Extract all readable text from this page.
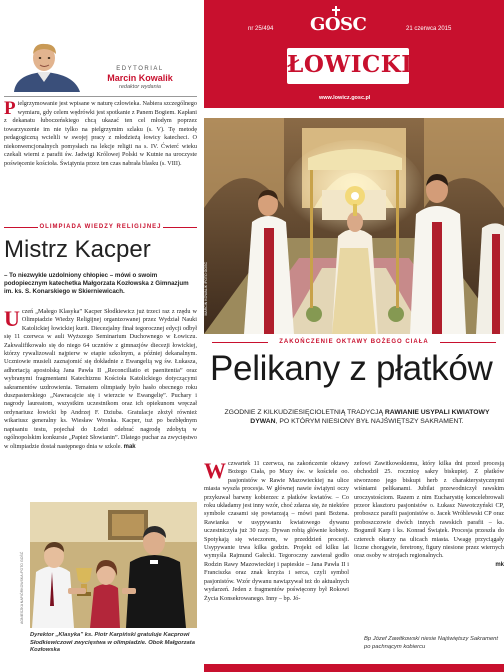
EDYTORIAL
Marcin Kowalik
redaktor wydania
Pielgrzymowanie jest wpisane w naturę człowieka. Nabiera szczególnego wymiaru, gdy celem wędrówki jest spotkanie z Panem Bogiem. Kapłani z dekanatu łuboczeńskiego chcą ukazać ten cel młodym poprzez towarzyszenie im nie tylko na pielgrzymim szlaku (s. V). Tę metodę pedagogiczną wcielili w swojej pracy z młodzieżą łowicy katecheci. O niekonwencjonalnych pomysłach na lekcje religii na s. IV. Ćwierć wieku czekali wierni z parafii św. Jadwigi Królowej Polski w Kutnie na uroczyste poświęcenie kościoła. Świątynia przez ten czas nabrała blasku (s. VIII).
OLIMPIADA WIEDZY RELIGIJNEJ
Mistrz Kacper
– To niezwykle uzdolniony chłopiec – mówi o swoim podopiecznym katechetka Małgorzata Kozłowska z Gimnazjum im. ks. S. Konarskiego w Skierniewicach.
Uczeń „Małego Klasyka” Kacper Słodkiewicz już trzeci raz z rzędu w Olimpiadzie Wiedzy Religijnej organizowanej przez Wydział Nauki Katolickiej łowickiej kurii. Diecezjalny finał tegorocznej edycji odbył się 11 czerwca w auli Wyższego Seminarium Duchownego w Łowiczu. Zakwalifikowało się do niego 64 uczniów z gimnazjów diecezji łowickiej, którzy rywalizowali najpierw w etapie szkolnym, a później dekanalnym. Uczniowie musieli zaznajomić się dokładnie z Ewangelią wg św. Łukasza, adhortacją apostolską Jana Pawła II „Reconciliatio et paenitentia” oraz wybranymi fragmentami Katechizmu Kościoła Katolickiego dotyczącymi sakramentów uzdrowienia. Tematem olimpiady było hasło obecnego roku duszpasterskiego „Nawracajcie się i wierzcie w Ewangelię”. Puchary i nagrody laureatom, wszystkim uczestnikom oraz ich opiekunom wręczał ordynariusz łowicki bp Andrzej F. Dziuba. Gratulacje złożył również wikariusz generalny ks. Wiesław Wronka. Kacper, tuż po bezbłędnym napisaniu testu, pojechał do Łodzi odebrać nagrodę zdobytą w ogólnopolskim konkursie „Papież Słowianin”. Dlatego puchar za zwycięstwo w olimpiadzie dostał następnego dnia w szkole. mak
AGNIESZKA NAPIÓRKOWSKA /FOTO GOŚĆ
Dyrektor „Klasyka” ks. Piotr Karpiński gratuluje Kacprowi Słodkiewiczowi zwycięstwa w olimpiadzie. Obok Małgorzata Kozłowska
nr 25/494 GOSC	21 czerwca 2015
ŁOWICKI
www.lowicz.gosc.pl
MARCIN KOWALIK /FOTO GOŚĆ
ZAKOŃCZENIE OKTAWY BOŻEGO CIAŁA
Pelikany z płatków
ZGODNIE Z KILKUDZIESIĘCIOLETNIĄ TRADYCJĄ RAWIANIE USYPALI KWIATOWY DYWAN, PO KTÓRYM NIESIONY BYŁ NAJŚWIĘTSZY SAKRAMENT.
Wczwartek 11 czerwca, na zakończenie oktawy Bożego Ciała, po Mszy św. w kościele oo. pasjonistów w Rawie Mazowieckiej na ulice miasta wyszła procesja. W głównej nawie świątyni oczy przykuwał barwny kobierzec z płatków kwiatów. – Co roku układamy jest inny wzór, choć zdarza się, że niektóre symbole czasami się powtarzają – mówi pani Bożena. Rawianka w usypywaniu kwiatowego dywanu uczestniczyła już 30 razy. Dywan robią głównie kobiety. Spotykają się wieczorem, w przeddzień procesji. Usypywanie trwa kilka godzin. Projekt od kilku lat wymyśla Rajmund Gałecki. Tegoroczny zawierał godło Rodzin Rawy Mazowieckiej i papieskie – Jana Pawła II i Franciszka oraz znak krzyża i serca, czyli symbol pasjonistów. Wzór dywanu nawiązywał też do aktualnych wydarzeń. Jeden z fragmentów poświęcony był Rokowi Życia Konsekrowanego. Inny – bp. Jó-
zefowi Zawitkowskiemu, który kilka dni przed procesją obchodził 25. rocznicę sakry biskupiej. Z płatków stworzono jego biskupi herb z charakterystycznymi wiśniami pelikanami. Jubilat przewodniczył rawskim uroczystościom. Razem z nim Eucharystię koncelebrowali przeor klasztoru pasjonistów o. Łukasz Nawotczyński CP, proboszcz parafii pasjonistów o. Jacek Wróblewski CP oraz proboszczowie dwóch innych rawskich parafii – ks. Bogumił Karp i ks. Konrad Świątek. Procesja przeszła do czterech ołtarzy na ulicach miasta. Uwagę przyciągały liczne chorągwie, feretrony, figury niesione przez wiernych oraz osoby w strojach regionalnych.
mk
Bp Józef Zawitkowski niesie Najświętszy Sakrament po pachnącym kobiercu
